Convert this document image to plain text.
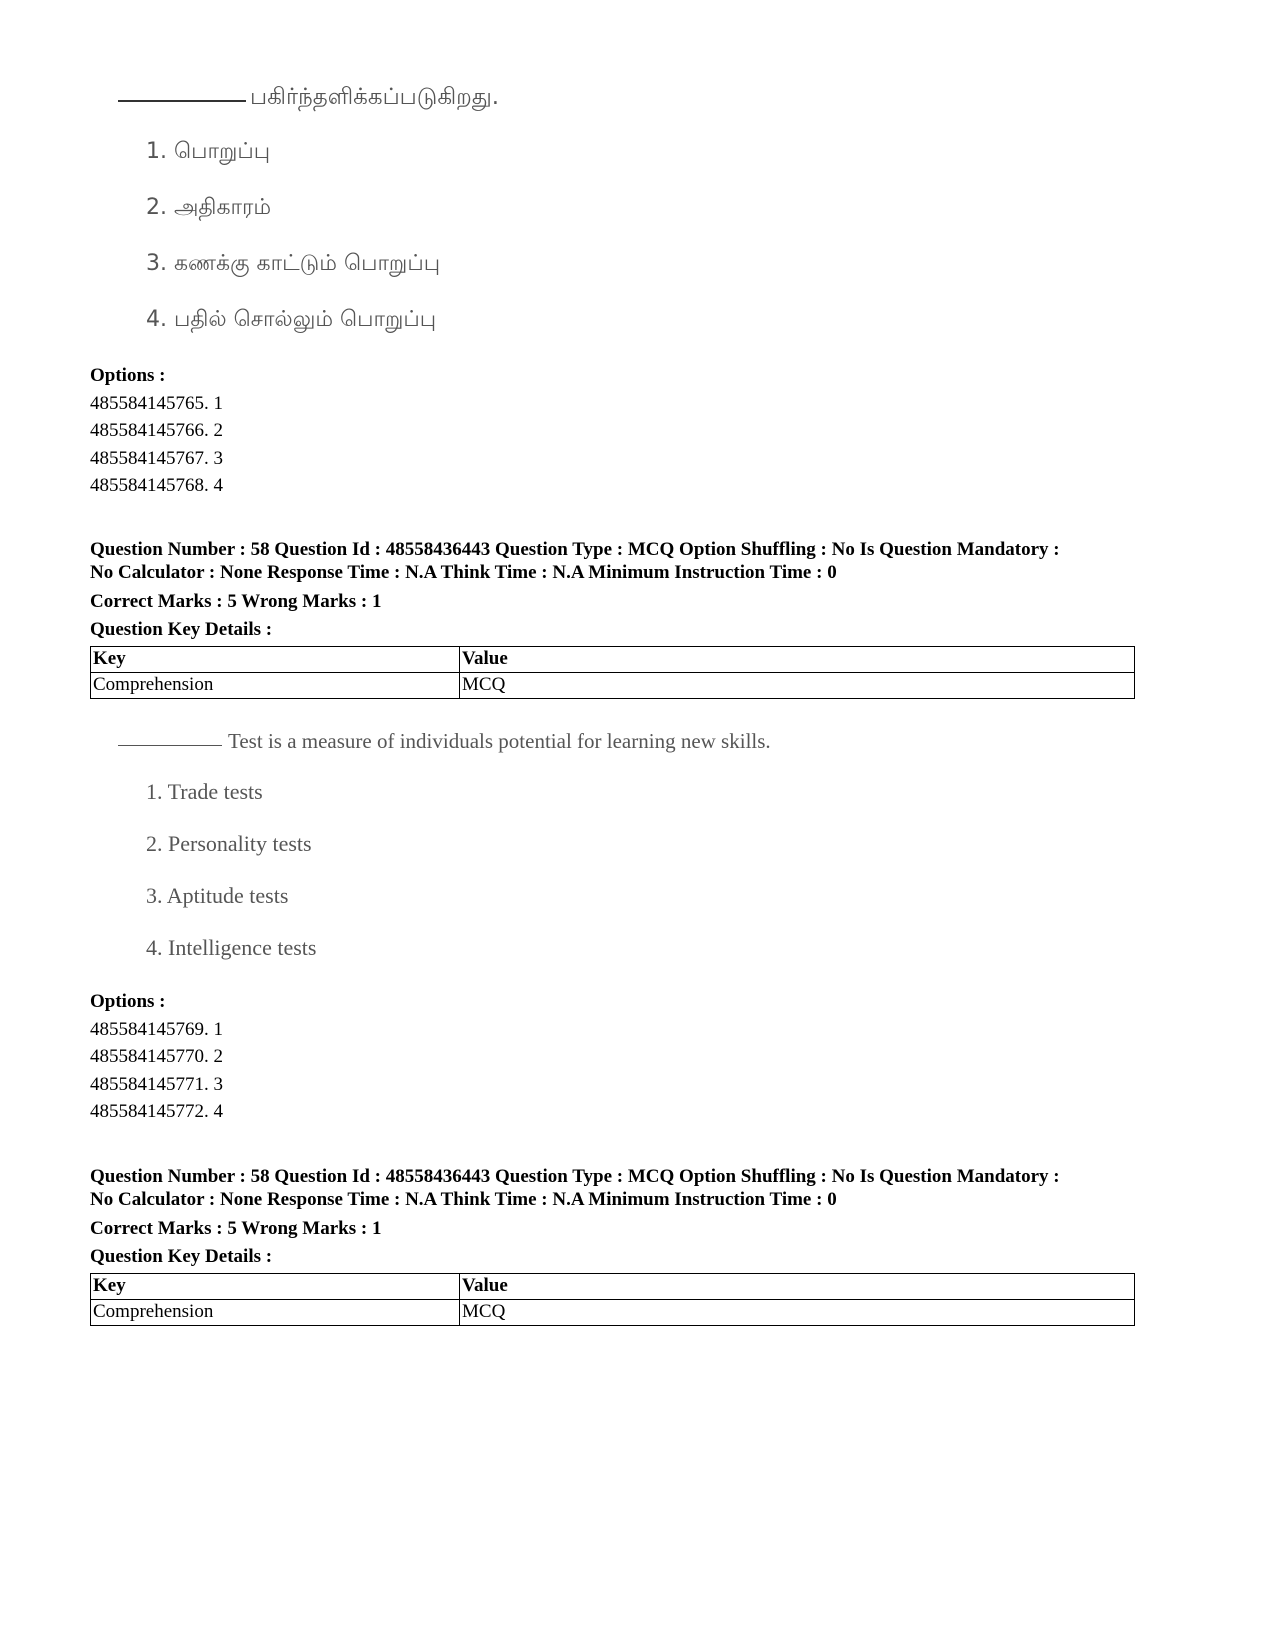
பகிர்ந்தளிக்கப்படுகிறது.
1. பொறுப்பு
2. அதிகாரம்
3. கணக்கு காட்டும் பொறுப்பு
4. பதில் சொல்லும் பொறுப்பு
Options :
485584145765. 1
485584145766. 2
485584145767. 3
485584145768. 4
Question Number : 58 Question Id : 48558436443 Question Type : MCQ Option Shuffling : No Is Question Mandatory :
No Calculator : None Response Time : N.A Think Time : N.A Minimum Instruction Time : 0
Correct Marks : 5 Wrong Marks : 1
Question Key Details :
Key	Value
Comprehension	MCQ
Test is a measure of individuals potential for learning new skills.
1. Trade tests
2. Personality tests
3. Aptitude tests
4. Intelligence tests
Options :
485584145769. 1
485584145770. 2
485584145771. 3
485584145772. 4
Question Number : 58 Question Id : 48558436443 Question Type : MCQ Option Shuffling : No Is Question Mandatory :
No Calculator : None Response Time : N.A Think Time : N.A Minimum Instruction Time : 0
Correct Marks : 5 Wrong Marks : 1
Question Key Details :
Key	Value
Comprehension	MCQ
